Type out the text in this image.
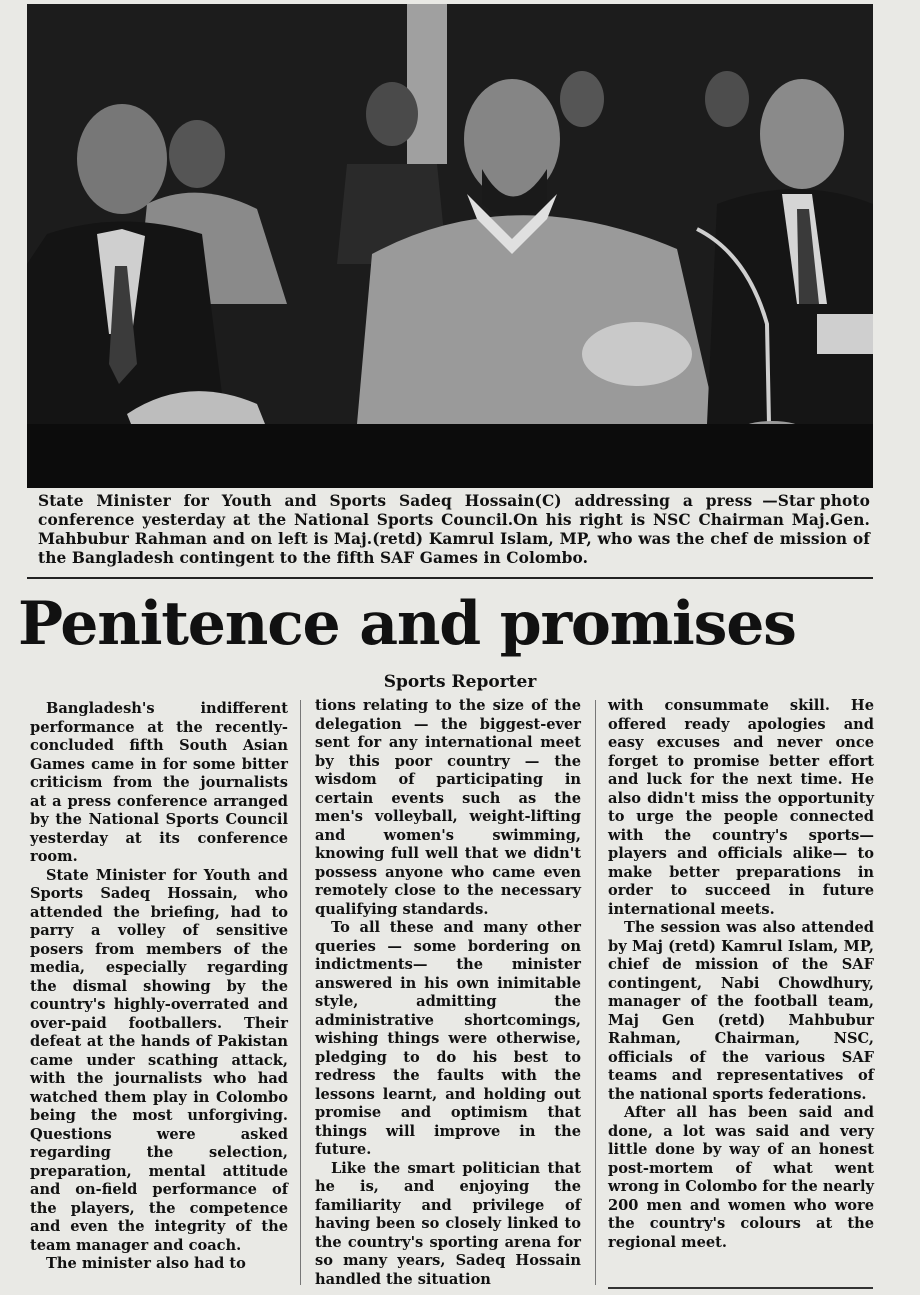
—Star photo
State Minister for Youth and Sports Sadeq Hossain(C) addressing a press conference yesterday at the National Sports Council.On his right is NSC Chairman Maj.Gen. Mahbubur Rahman and on left is Maj.(retd) Kamrul Islam, MP, who was the chef de mission of the Bangladesh contingent to the fifth SAF Games in Colombo.
Penitence and promises
Sports Reporter

Bangladesh's indifferent performance at the recently-concluded fifth South Asian Games came in for some bitter criticism from the journalists at a press conference arranged by the National Sports Council yesterday at its conference room.

State Minister for Youth and Sports Sadeq Hossain, who attended the briefing, had to parry a volley of sensitive posers from members of the media, especially regarding the dismal showing by the country's highly-overrated and over-paid footballers. Their defeat at the hands of Pakistan came under scathing attack, with the journalists who had watched them play in Colombo being the most unforgiving. Questions were asked regarding the selection, preparation, mental attitude and on-field performance of the players, the competence and even the integrity of the team manager and coach.

The minister also had to

tions relating to the size of the delegation — the biggest-ever sent for any international meet by this poor country — the wisdom of participating in certain events such as the men's volleyball, weight-lifting and women's swimming, knowing full well that we didn't possess anyone who came even remotely close to the necessary qualifying standards.

To all these and many other queries — some bordering on indictments— the minister answered in his own inimitable style, admitting the administrative shortcomings, wishing things were otherwise, pledging to do his best to redress the faults with the lessons learnt, and holding out promise and optimism that things will improve in the future.

Like the smart politician that he is, and enjoying the familiarity and privilege of having been so closely linked to the country's sporting arena for so many years, Sadeq Hossain handled the situation

with consummate skill. He offered ready apologies and easy excuses and never once forget to promise better effort and luck for the next time. He also didn't miss the opportunity to urge the people connected with the country's sports— players and officials alike— to make better preparations in order to succeed in future international meets.

The session was also attended by Maj (retd) Kamrul Islam, MP, chief de mission of the SAF contingent, Nabi Chowdhury, manager of the football team, Maj Gen (retd) Mahbubur Rahman, Chairman, NSC, officials of the various SAF teams and representatives of the national sports federations.

After all has been said and done, a lot was said and very little done by way of an honest post-mortem of what went wrong in Colombo for the nearly 200 men and women who wore the country's colours at the regional meet.
